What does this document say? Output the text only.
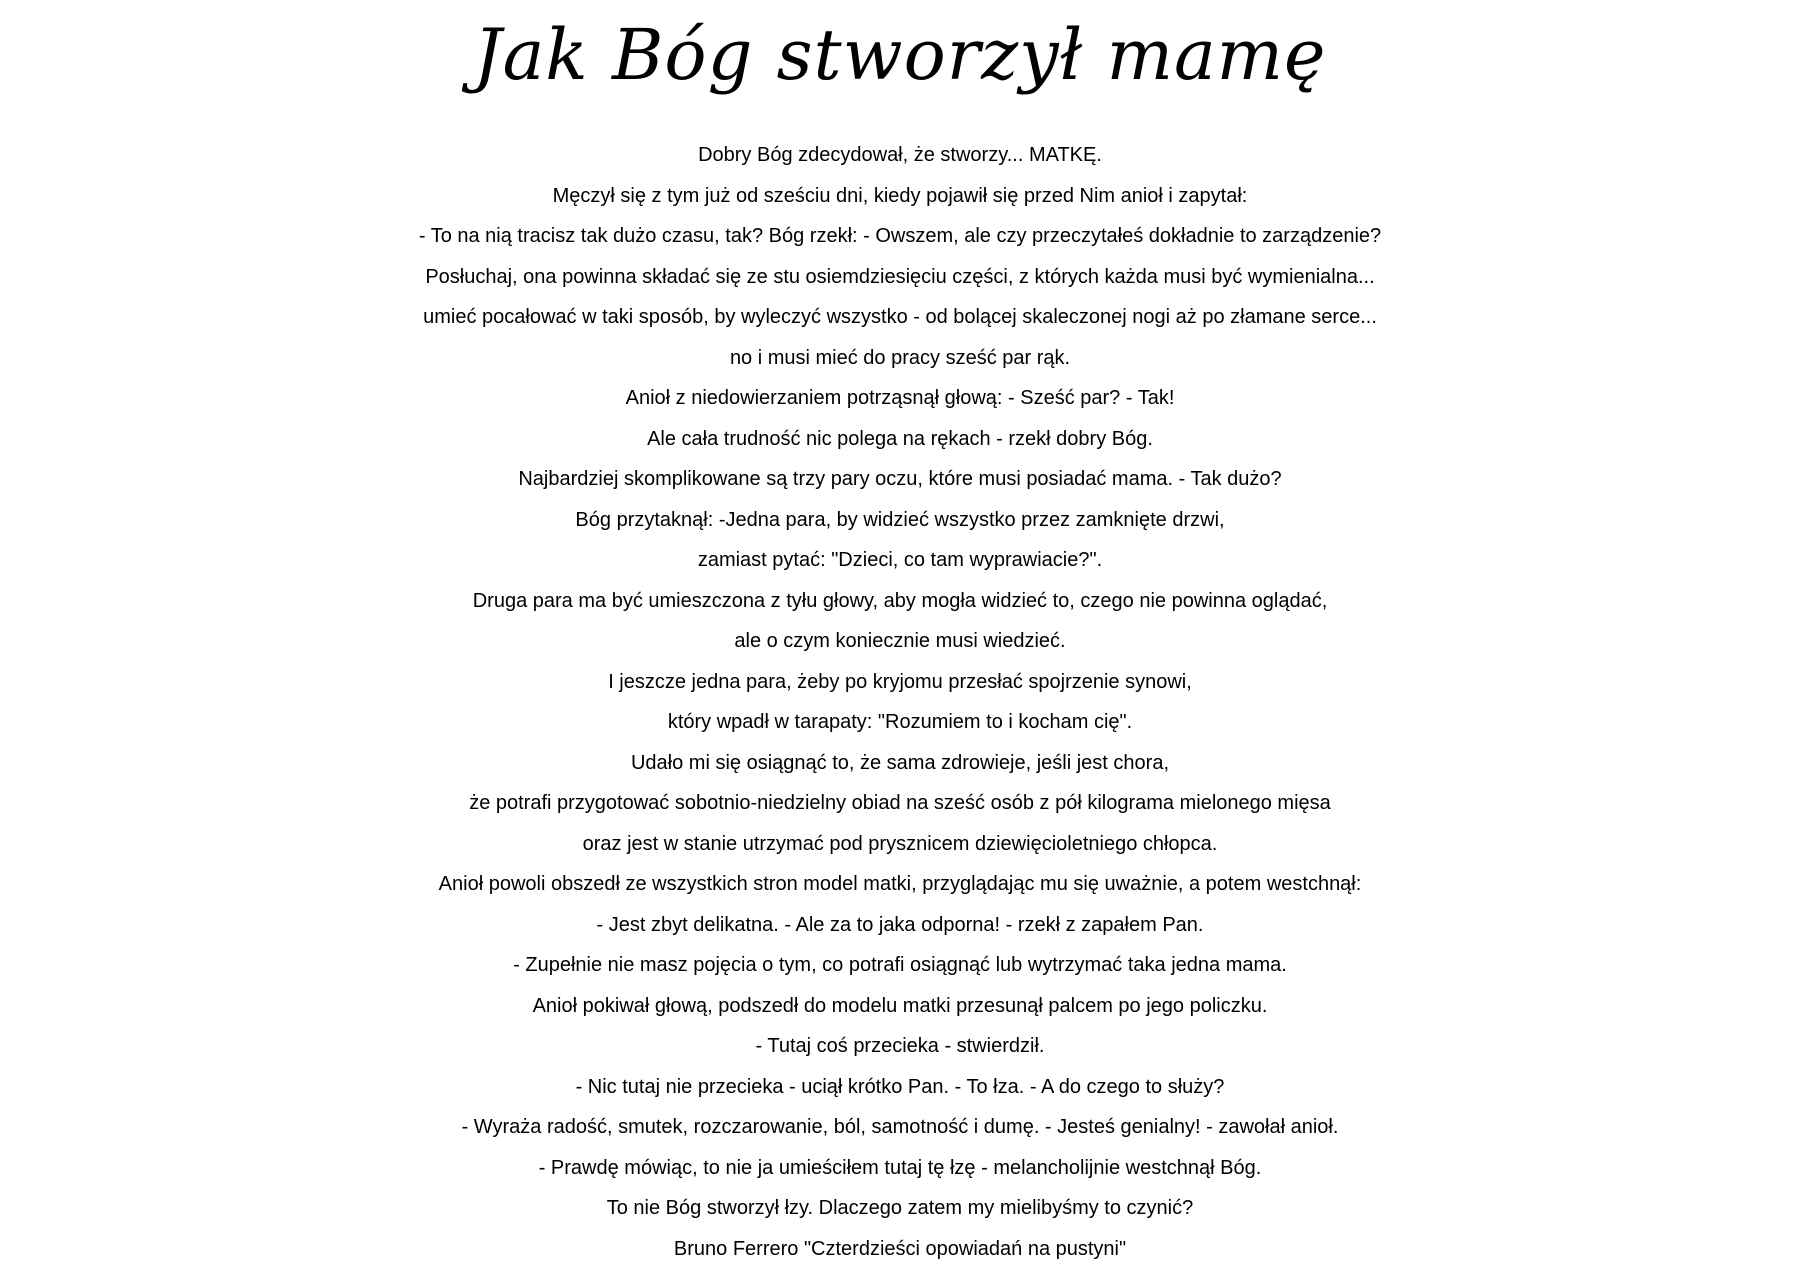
Jak Bóg stworzył mamę
Dobry Bóg zdecydował, że stworzy... MATKĘ.
Męczył się z tym już od sześciu dni, kiedy pojawił się przed Nim anioł i zapytał:
- To na nią tracisz tak dużo czasu, tak? Bóg rzekł: - Owszem, ale czy przeczytałeś dokładnie to zarządzenie?
Posłuchaj, ona powinna składać się ze stu osiemdziesięciu części, z których każda musi być wymienialna...
umieć pocałować w taki sposób, by wyleczyć wszystko - od bolącej skaleczonej nogi aż po złamane serce...
no i musi mieć do pracy sześć par rąk.
Anioł z niedowierzaniem potrząsnął głową: - Sześć par? - Tak!
Ale cała trudność nic polega na rękach - rzekł dobry Bóg.
Najbardziej skomplikowane są trzy pary oczu, które musi posiadać mama. - Tak dużo?
Bóg przytaknął: -Jedna para, by widzieć wszystko przez zamknięte drzwi,
zamiast pytać: "Dzieci, co tam wyprawiacie?".
Druga para ma być umieszczona z tyłu głowy, aby mogła widzieć to, czego nie powinna oglądać,
ale o czym koniecznie musi wiedzieć.
I jeszcze jedna para, żeby po kryjomu przesłać spojrzenie synowi,
który wpadł w tarapaty: "Rozumiem to i kocham cię".
Udało mi się osiągnąć to, że sama zdrowieje, jeśli jest chora,
że potrafi przygotować sobotnio-niedzielny obiad na sześć osób z pół kilograma mielonego mięsa
oraz jest w stanie utrzymać pod prysznicem dziewięcioletniego chłopca.
Anioł powoli obszedł ze wszystkich stron model matki, przyglądając mu się uważnie, a potem westchnął:
- Jest zbyt delikatna. - Ale za to jaka odporna! - rzekł z zapałem Pan.
- Zupełnie nie masz pojęcia o tym, co potrafi osiągnąć lub wytrzymać taka jedna mama.
Anioł pokiwał głową, podszedł do modelu matki przesunął palcem po jego policzku.
- Tutaj coś przecieka - stwierdził.
- Nic tutaj nie przecieka - uciął krótko Pan. - To łza. - A do czego to służy?
- Wyraża radość, smutek, rozczarowanie, ból, samotność i dumę. - Jesteś genialny! - zawołał anioł.
- Prawdę mówiąc, to nie ja umieściłem tutaj tę łzę - melancholijnie westchnął Bóg.
To nie Bóg stworzył łzy. Dlaczego zatem my mielibyśmy to czynić?
Bruno Ferrero "Czterdzieści opowiadań na pustyni"
